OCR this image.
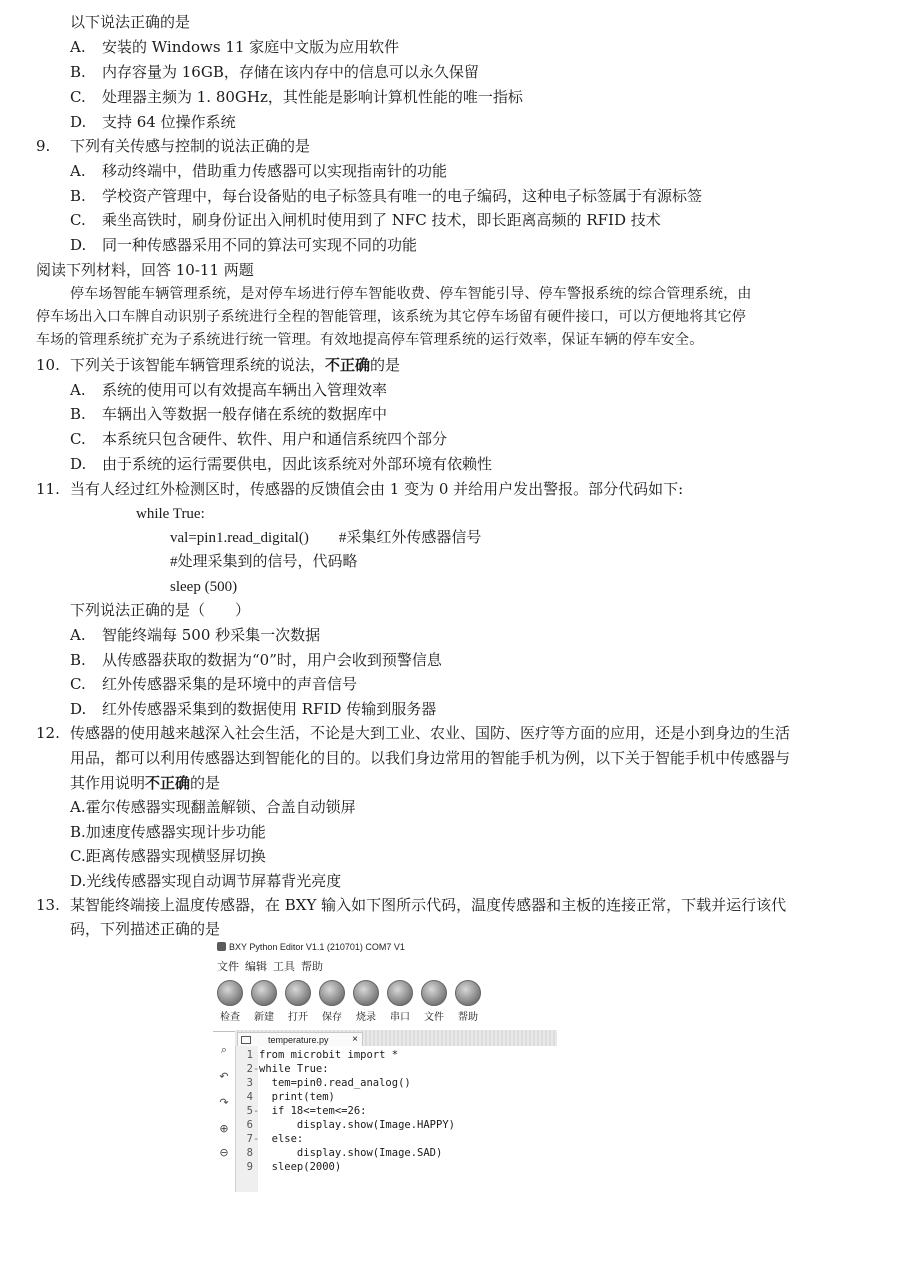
以下说法正确的是
A. 安装的 Windows 11 家庭中文版为应用软件
B. 内存容量为 16GB，存储在该内存中的信息可以永久保留
C. 处理器主频为 1. 80GHz，其性能是影响计算机性能的唯一指标
D. 支持 64 位操作系统
9. 下列有关传感与控制的说法正确的是
A. 移动终端中，借助重力传感器可以实现指南针的功能
B. 学校资产管理中，每台设备贴的电子标签具有唯一的电子编码，这种电子标签属于有源标签
C. 乘坐高铁时，刷身份证出入闸机时使用到了 NFC 技术，即长距离高频的 RFID 技术
D. 同一种传感器采用不同的算法可实现不同的功能
阅读下列材料，回答 10-11 两题
停车场智能车辆管理系统，是对停车场进行停车智能收费、停车智能引导、停车警报系统的综合管理系统，由
停车场出入口车牌自动识别子系统进行全程的智能管理，该系统为其它停车场留有硬件接口，可以方便地将其它停
车场的管理系统扩充为子系统进行统一管理。有效地提高停车管理系统的运行效率，保证车辆的停车安全。
10. 下列关于该智能车辆管理系统的说法，不正确的是
A. 系统的使用可以有效提高车辆出入管理效率
B. 车辆出入等数据一般存储在系统的数据库中
C. 本系统只包含硬件、软件、用户和通信系统四个部分
D. 由于系统的运行需要供电，因此该系统对外部环境有依赖性
11. 当有人经过红外检测区时，传感器的反馈值会由 1 变为 0 并给用户发出警报。部分代码如下:
while True:
val=pin1.read_digital() #采集红外传感器信号
#处理采集到的信号，代码略
sleep (500)
下列说法正确的是（　　）
A. 智能终端每 500 秒采集一次数据
B. 从传感器获取的数据为“0”时，用户会收到预警信息
C. 红外传感器采集的是环境中的声音信号
D. 红外传感器采集到的数据使用 RFID 传输到服务器
12. 传感器的使用越来越深入社会生活，不论是大到工业、农业、国防、医疗等方面的应用，还是小到身边的生活
用品，都可以利用传感器达到智能化的目的。以我们身边常用的智能手机为例，以下关于智能手机中传感器与
其作用说明不正确的是
A.霍尔传感器实现翻盖解锁、合盖自动锁屏
B.加速度传感器实现计步功能
C.距离传感器实现横竖屏切换
D.光线传感器实现自动调节屏幕背光亮度
13. 某智能终端接上温度传感器，在 BXY 输入如下图所示代码，温度传感器和主板的连接正常，下载并运行该代
码，下列描述正确的是
BXY Python Editor V1.1 (210701) COM7 V1
文件 编辑 工具 帮助
检查	新建	打开	保存	烧录	串口	文件	帮助
⌕
↶
↷
⊕
⊖
temperature.py ×
1 from microbit import *
2-while True:
3  tem=pin0.read_analog()
4  print(tem)
5-  if 18<=tem<=26:
6      display.show(Image.HAPPY)
7-  else:
8      display.show(Image.SAD)
9  sleep(2000)
